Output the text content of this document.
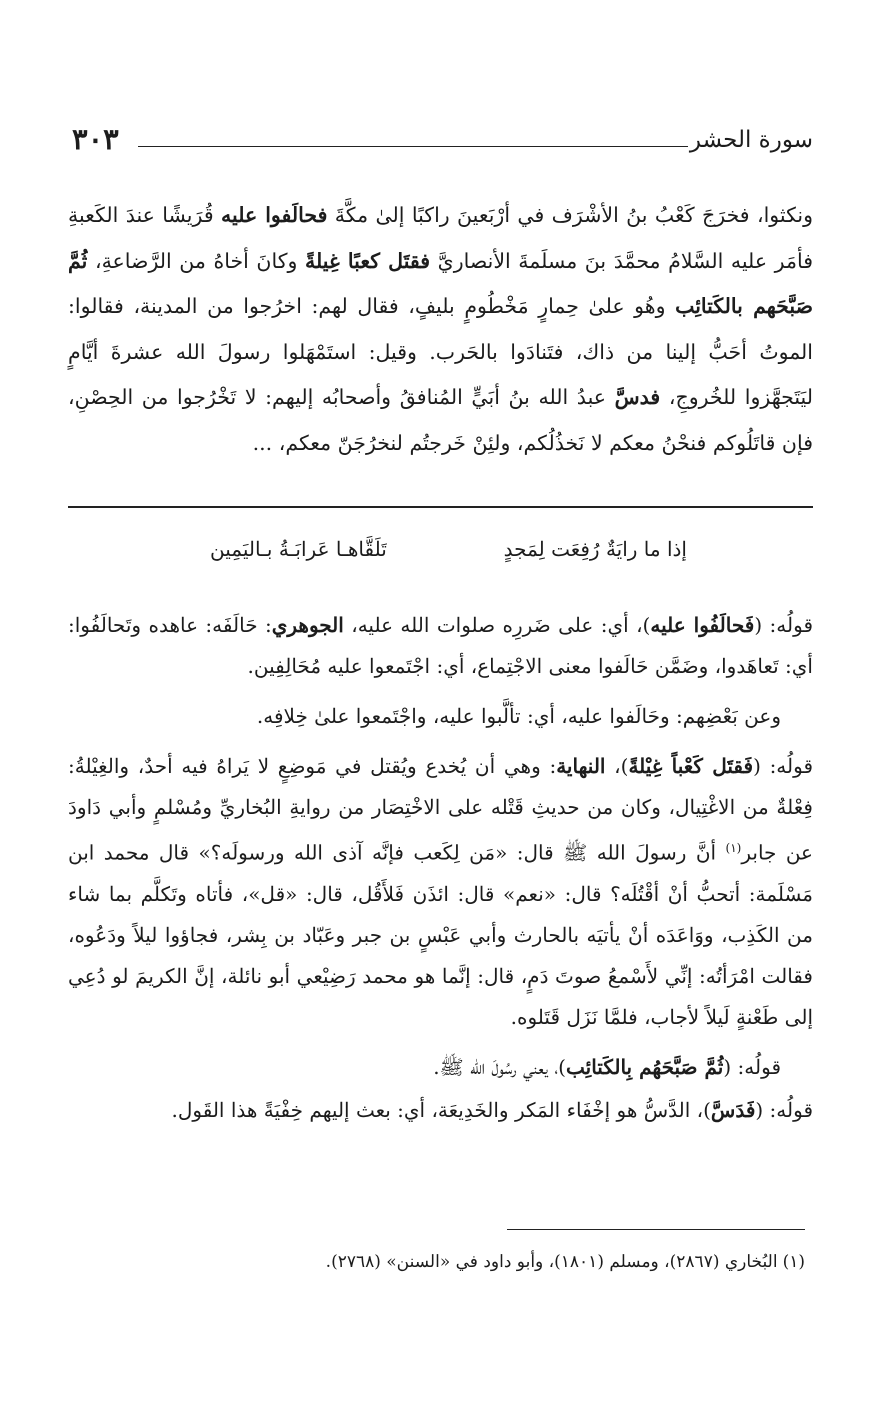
سورة الحشر
٣٠٣

ونكثوا، فخرَجَ كَعْبُ بنُ الأشْرَف في أرْبَعينَ راكبًا إلىٰ مكَّةَ فحالَفوا عليه قُرَيشًا عندَ الكَعبةِ فأمَر عليه السَّلامُ محمَّدَ بنَ مسلَمةَ الأنصاريَّ فقتَل كعبًا غِيلةً وكانَ أخاهُ من الرَّضاعةِ، ثُمَّ صَبَّحَهم بالكَتائِب وهُو علىٰ حِمارٍ مَخْطُومٍ بليفٍ، فقال لهم: اخرُجوا من المدينة، فقالوا: الموتُ أحَبُّ إلينا من ذاك، فتَنادَوا بالحَرب. وقيل: استَمْهَلوا رسولَ الله عشرةَ أيَّامٍ ليَتَجهَّزوا للخُروجِ، فدسَّ عبدُ الله بنُ أبَيٍّ المُنافقُ وأصحابُه إليهم: لا تَخْرُجوا من الحِصْنِ، فإن قاتَلُوكم فنحْنُ معكم لا نَخذُلُكم، ولئِنْ خَرجتُم لنخرُجَنّ معكم، ...

إذا ما رايَةٌ رُفِعَت لِمَجدٍ
تَلَقَّاهـا عَرابَـةُ بـاليَمِين

قولُه: (فَحالَفُوا عليه)، أي: على ضَررِه صلوات الله عليه، الجوهري: حَالَفَه: عاهده وتَحالَفُوا: أي: تَعاهَدوا، وضَمَّن حَالَفوا معنى الاجْتِماع، أي: اجْتَمعوا عليه مُحَالِفِين.

وعن بَعْضِهم: وحَالَفوا عليه، أي: تألَّبوا عليه، واجْتَمعوا علىٰ خِلافِه.

قولُه: (فَقتَل كَعْباً غِيْلةً)، النهاية: وهي أن يُخدع ويُقتل في مَوضِعٍ لا يَراهُ فيه أحدٌ، والغِيْلةُ: فِعْلةٌ من الاغْتِيال، وكان من حديثِ قَتْله على الاخْتِصَار من روايةِ البُخاريِّ ومُسْلمٍ وأبي دَاودَ عن جابر$^{(١)}$ أنَّ رسولَ الله ﷺ قال: «مَن لِكَعب فإنَّه آذى الله ورسولَه؟» قال محمد ابن مَسْلَمة: أتحبُّ أنْ أقْتُلَه؟ قال: «نعم» قال: ائذَن فَلأَقُل، قال: «قل»، فأتاه وتَكلَّم بما شاء من الكَذِب، ووَاعَدَه أنْ يأتيَه بالحارث وأبي عَبْسٍ بن جبر وعَبّاد بن بِشر، فجاؤوا ليلاً ودَعُوه، فقالت امْرَأتُه: إنِّي لأَسْمعُ صوتَ دَمٍ، قال: إنَّما هو محمد رَضِيْعي أبو نائلة، إنَّ الكريمَ لو دُعِي إلى طَعْنةٍ لَيلاً لأجاب، فلمَّا نَزَل قَتَلوه.

قولُه: (ثُمَّ صَبَّحَهُم بِالكَتائِب)، يعني رسُولَ الله ﷺ.

قولُه: (فَدَسَّ)، الدَّسُّ هو إخْفَاء المَكر والخَدِيعَة، أي: بعث إليهم خِفْيَةً هذا القَول.

(١)البُخاري (٢٨٦٧)، ومسلم (١٨٠١)، وأبو داود في «السنن» (٢٧٦٨).
